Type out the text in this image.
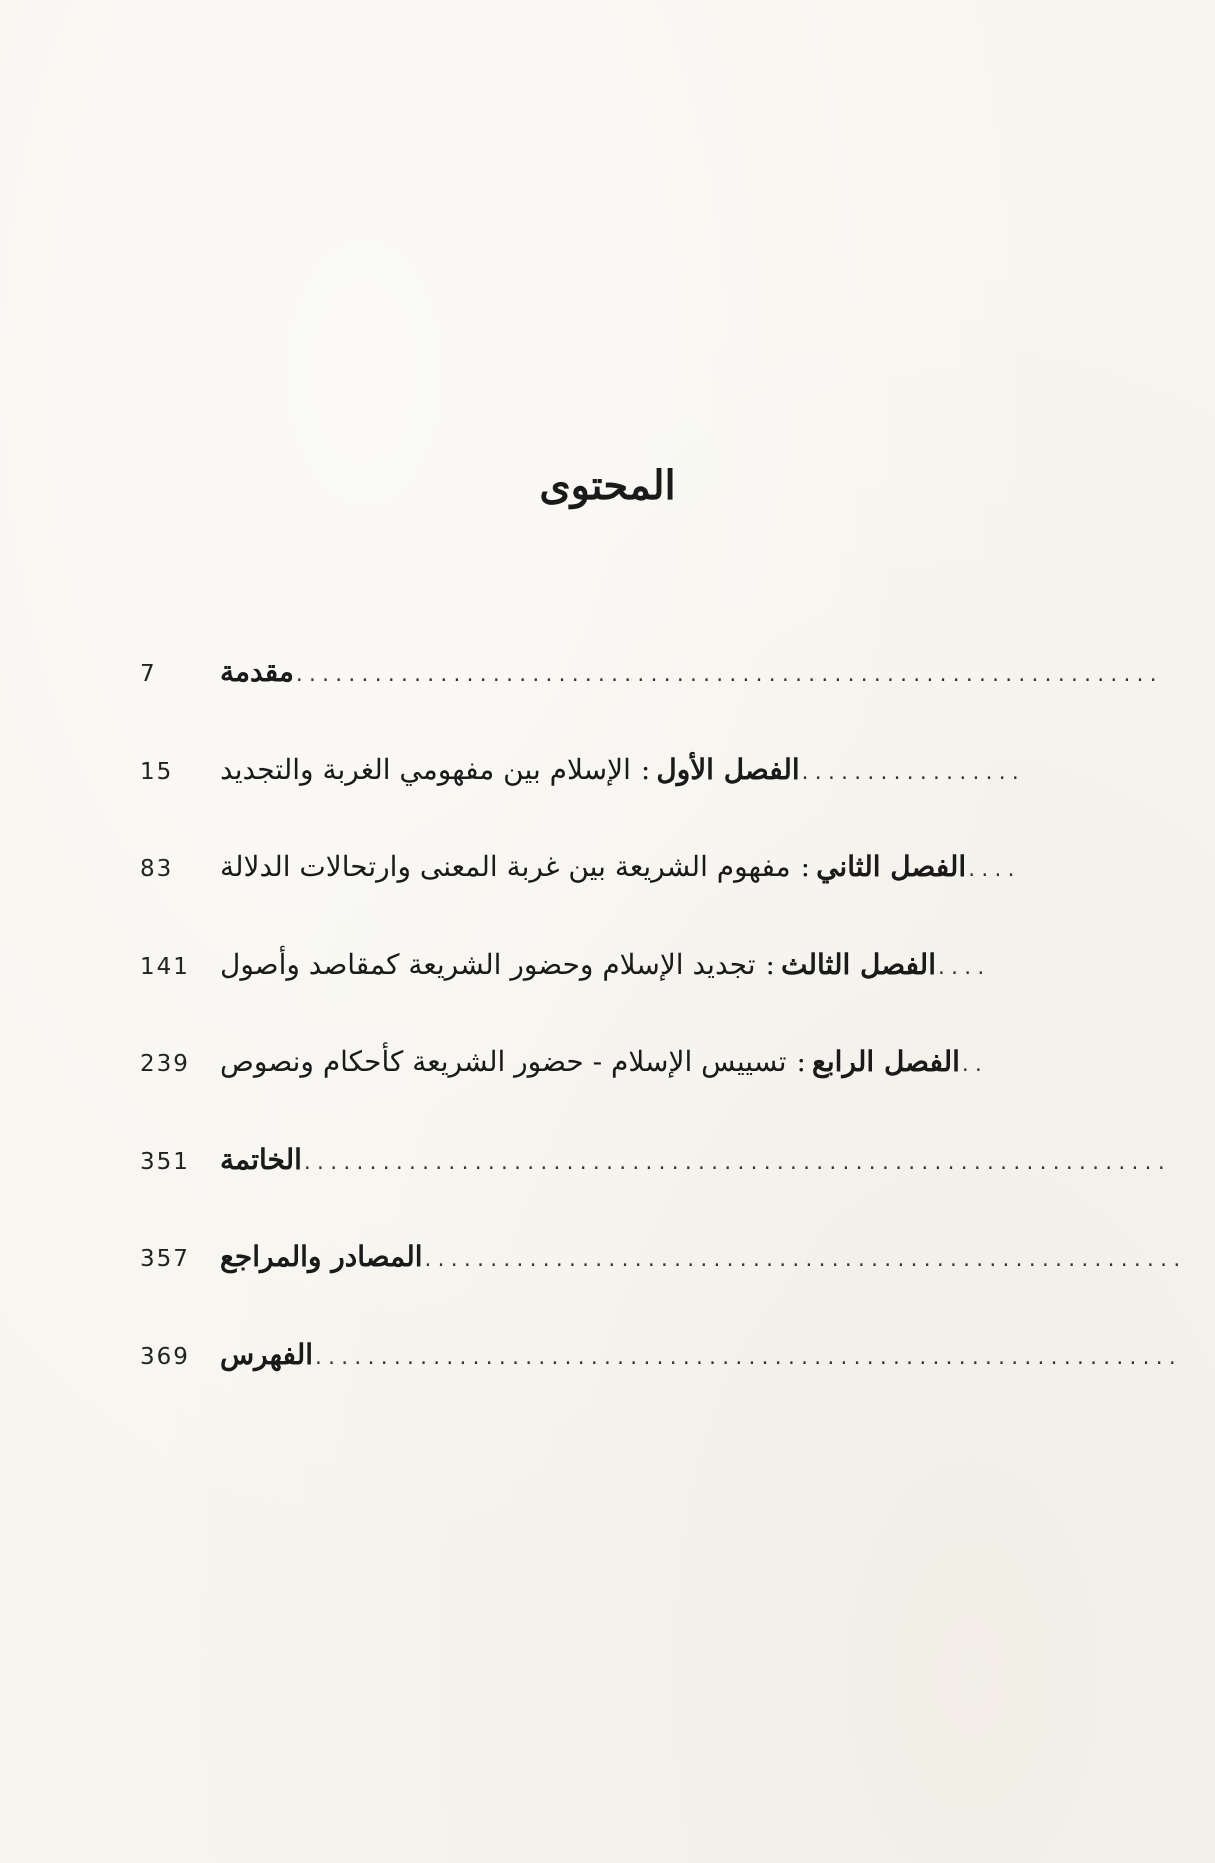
المحتوى
7	مقدمة ..................................................................
15	الفصل الأول:الإسلام بين مفهومي الغربة والتجديد	.................
83	الفصل الثاني:مفهوم الشريعة بين غربة المعنى وارتحالات الدلالة	....
141	الفصل الثالث:تجديد الإسلام وحضور الشريعة كمقاصد وأصول	....
239	الفصل الرابع:تسييس الإسلام - حضور الشريعة كأحكام ونصوص	..
351	الخاتمة ..................................................................
357	المصادر والمراجع ..........................................................
369	الفهرس ..................................................................
